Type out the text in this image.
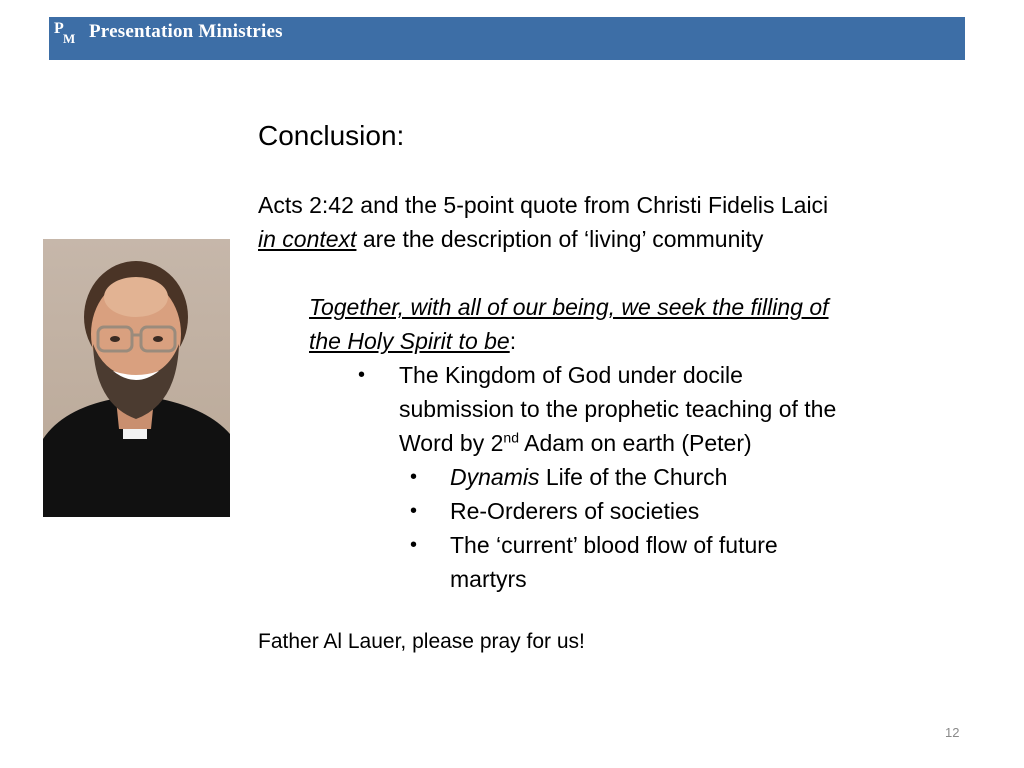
P
M Presentation Ministries
Conclusion:
Acts 2:42 and the 5-point quote from Christi Fidelis Laici
in context are the description of ‘living’ community
Together, with all of our being, we seek the filling of
the Holy Spirit to be:
• The Kingdom of God under docile
submission to the prophetic teaching of the
Word by 2nd Adam on earth (Peter)
• Dynamis Life of the Church
• Re-Orderers of societies
• The ‘current’ blood flow of future
martyrs
Father Al Lauer, please pray for us!
12
